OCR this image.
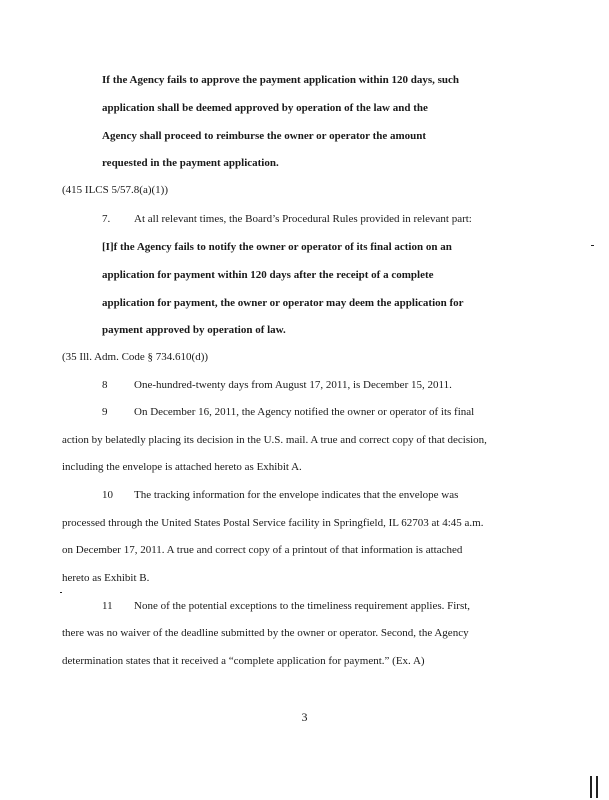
If the Agency fails to approve the payment application within 120 days, such
application shall be deemed approved by operation of the law and the
Agency shall proceed to reimburse the owner or operator the amount
requested in the payment application.
(415 ILCS 5/57.8(a)(1))
7. At all relevant times, the Board’s Procedural Rules provided in relevant part:
[I]f the Agency fails to notify the owner or operator of its final action on an
application for payment within 120 days after the receipt of a complete
application for payment, the owner or operator may deem the application for
payment approved by operation of law.
(35 Ill. Adm. Code § 734.610(d))
8 One-hundred-twenty days from August 17, 2011, is December 15, 2011.
9 On December 16, 2011, the Agency notified the owner or operator of its final
action by belatedly placing its decision in the U.S. mail. A true and correct copy of that decision,
including the envelope is attached hereto as Exhibit A.
10 The tracking information for the envelope indicates that the envelope was
processed through the United States Postal Service facility in Springfield, IL 62703 at 4:45 a.m.
on December 17, 2011. A true and correct copy of a printout of that information is attached
hereto as Exhibit B.
11 None of the potential exceptions to the timeliness requirement applies. First,
there was no waiver of the deadline submitted by the owner or operator. Second, the Agency
determination states that it received a “complete application for payment.” (Ex. A)
3
